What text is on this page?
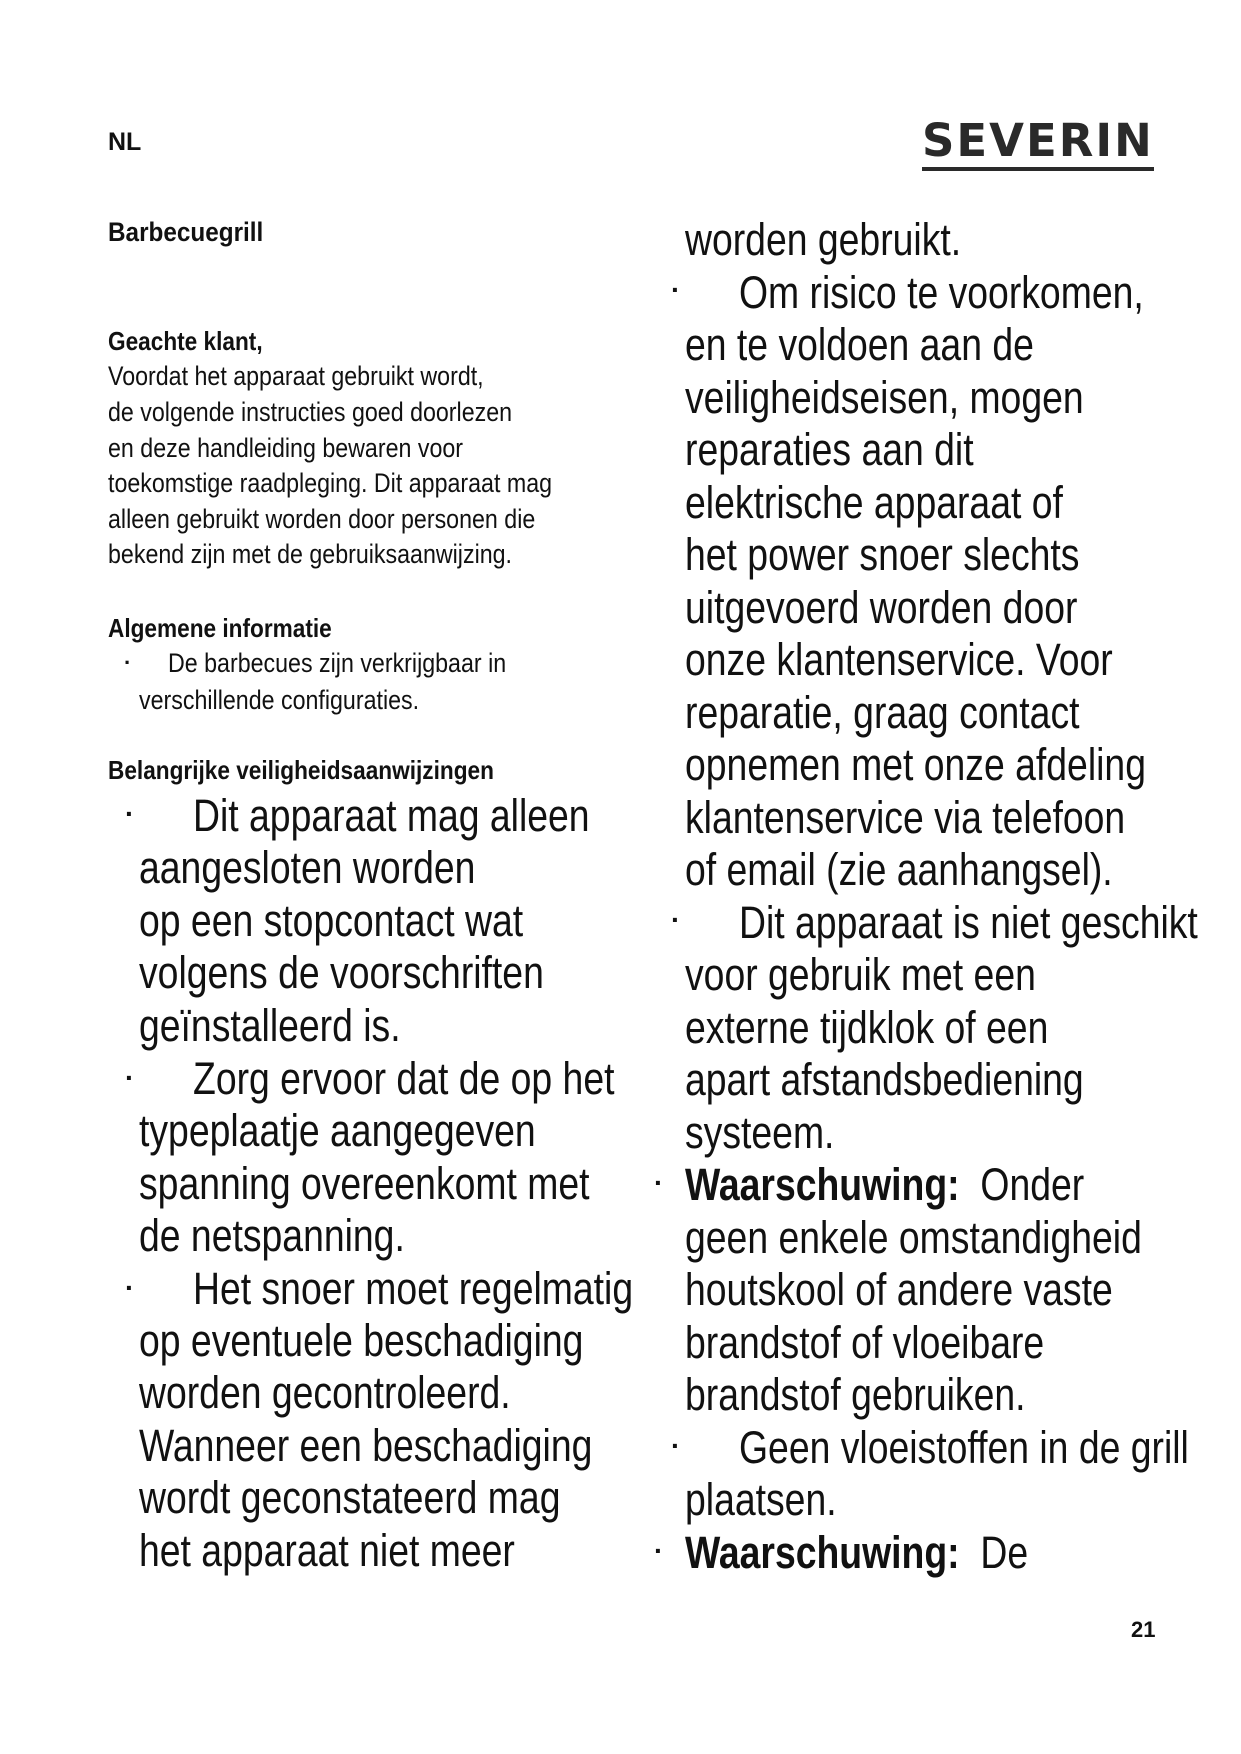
NL	SEVERIN
Barbecuegrill
Geachte klant,
Voordat het apparaat gebruikt wordt,
de volgende instructies goed doorlezen
en deze handleiding bewaren voor
toekomstige raadpleging. Dit apparaat mag
alleen gebruikt worden door personen die
bekend zijn met de gebruiksaanwijzing.
Algemene informatie
· De barbecues zijn verkrijgbaar in
verschillende configuraties.
Belangrijke veiligheidsaanwijzingen
·
·
·
Dit apparaat mag alleen
aangesloten worden
op een stopcontact wat
volgens de voorschriften
geïnstalleerd is.
Zorg ervoor dat de op het
typeplaatje aangegeven
spanning overeenkomt met
de netspanning.
Het snoer moet regelmatig
op eventuele beschadiging
worden gecontroleerd.
Wanneer een beschadiging
wordt geconstateerd mag
het apparaat niet meer
·
·
·
·
·
worden gebruikt.
Om risico te voorkomen,
en te voldoen aan de
veiligheidseisen, mogen
reparaties aan dit
elektrische apparaat of
het power snoer slechts
uitgevoerd worden door
onze klantenservice. Voor
reparatie, graag contact
opnemen met onze afdeling
klantenservice via telefoon
of email (zie aanhangsel).
Dit apparaat is niet geschikt
voor gebruik met een
externe tijdklok of een
apart afstandsbediening
systeem.
Waarschuwing: Onder
geen enkele omstandigheid
houtskool of andere vaste
brandstof of vloeibare
brandstof gebruiken.
Geen vloeistoffen in de grill
plaatsen.
Waarschuwing: De
21
